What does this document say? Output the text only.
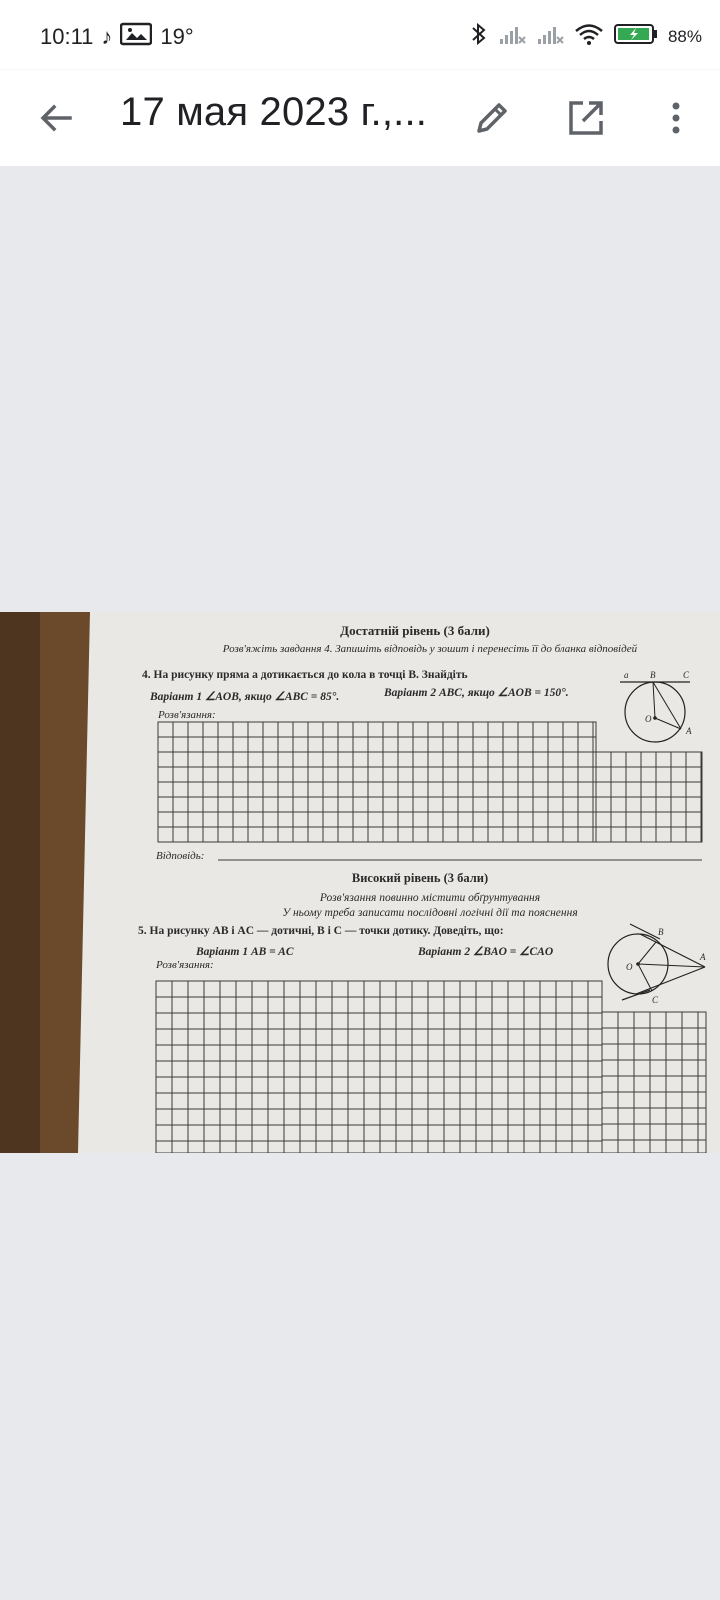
10:11 ♪ 19°	88%
17 мая 2023 г.,...
Достатній рівень (3 бали)
Розв'яжіть завдання 4. Запишіть відповідь у зошит і перенесіть її до бланка відповідей
4. На рисунку пряма a дотикається до кола в точці B. Знайдіть
Варіант 1 ∠AOB, якщо ∠ABC = 85°.	Варіант 2 ABC, якщо ∠AOB = 150°.
Розв'язання:
Відповідь:
Високий рівень (3 бали)
Розв'язання повинно містити обґрунтування
У ньому треба записати послідовні логічні дії та пояснення
5. На рисунку AB і AC — дотичні, B і C — точки дотику. Доведіть, що:
Варіант 1 AB = AC	Варіант 2 ∠BAO = ∠CAO
Розв'язання:
a B	C
O
A
B
A
O
C
